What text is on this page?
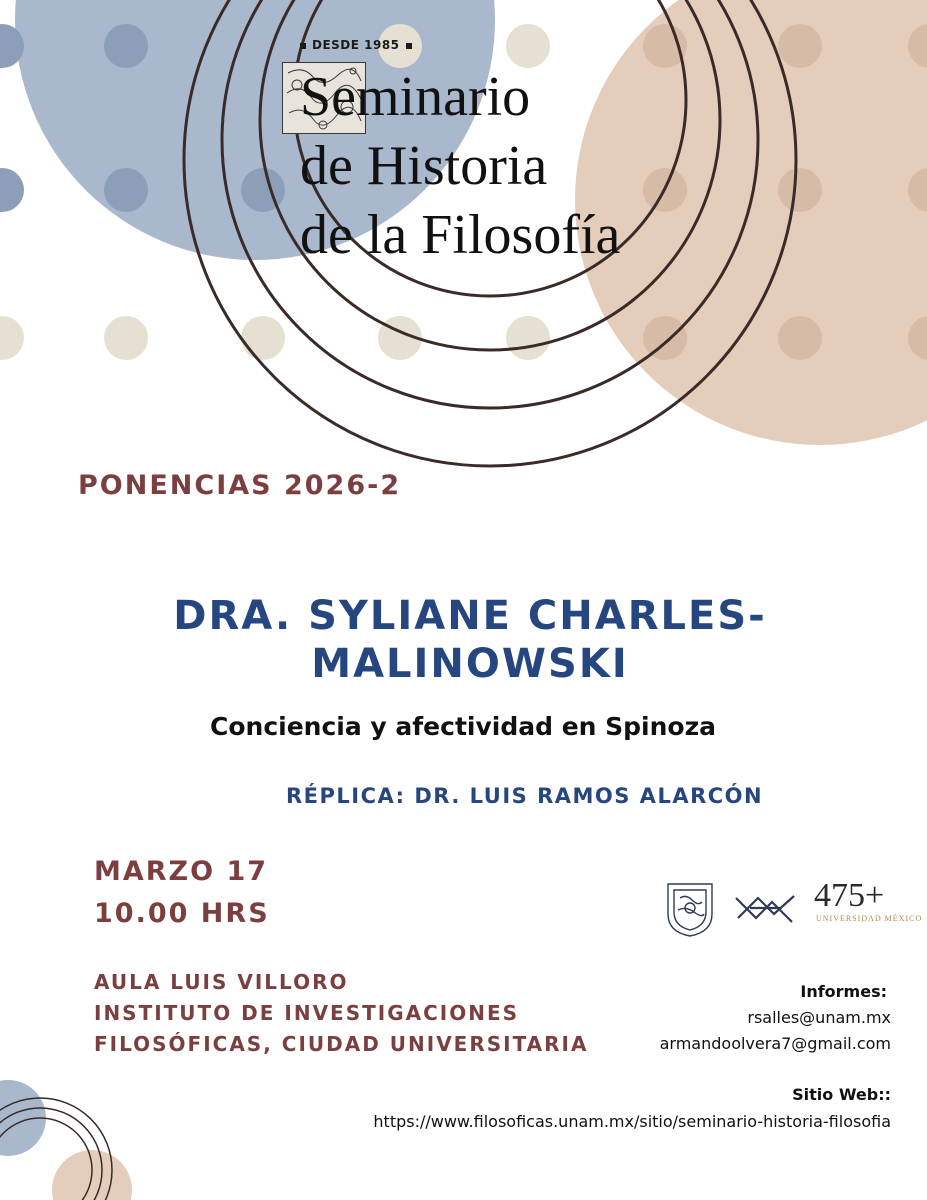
DESDE 1985
Seminario
de Historia
de la Filosofía
PONENCIAS 2026-2
DRA. SYLIANE CHARLES-
MALINOWSKI
Conciencia y afectividad en Spinoza
RÉPLICA: DR. LUIS RAMOS ALARCÓN
MARZO 17
10.00 HRS
AULA LUIS VILLORO
INSTITUTO DE INVESTIGACIONES
FILOSÓFICAS, CIUDAD UNIVERSITARIA
475+
UNIVERSIDAD MÉXICO
Informes:
rsalles@unam.mx
armandoolvera7@gmail.com
Sitio Web::
https://www.filosoficas.unam.mx/sitio/seminario-historia-filosofia
